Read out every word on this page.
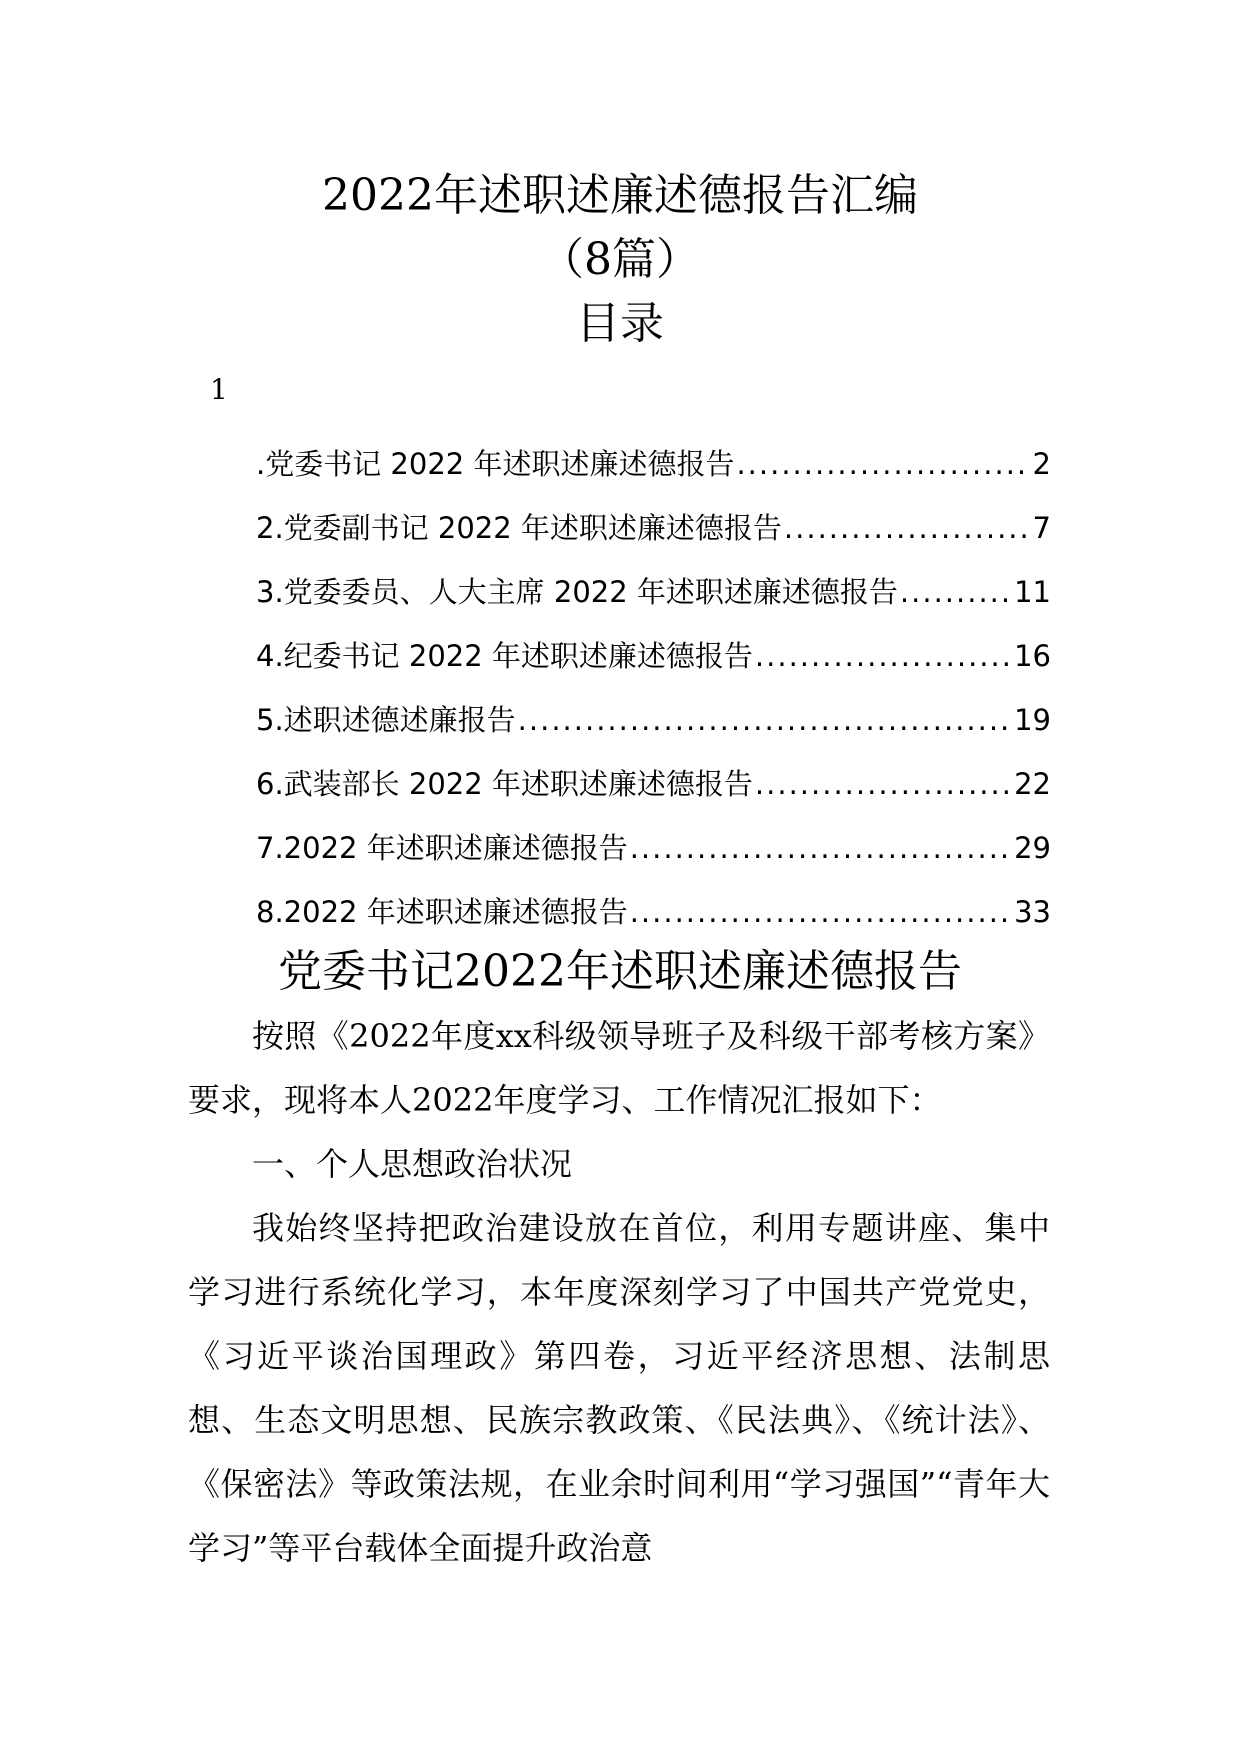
2022年述职述廉述德报告汇编
（8篇）
目录
1
.党委书记 2022 年述职述廉述德报告 .....	2
2.党委副书记 2022 年述职述廉述德报告 .....	7
3.党委委员、人大主席 2022 年述职述廉述德报告 .....	11
4.纪委书记 2022 年述职述廉述德报告 .....	16
5.述职述德述廉报告 .....	19
6.武装部长 2022 年述职述廉述德报告 .....	22
7.2022 年述职述廉述德报告 .....	29
8.2022 年述职述廉述德报告 .....	33
党委书记2022年述职述廉述德报告

按照《2022年度xx科级领导班子及科级干部考核方案》要求，现将本人2022年度学习、工作情况汇报如下：

一、个人思想政治状况

我始终坚持把政治建设放在首位，利用专题讲座、集中学习进行系统化学习，本年度深刻学习了中国共产党党史，《习近平谈治国理政》第四卷，习近平经济思想、法制思想、生态文明思想、民族宗教政策、《民法典》、《统计法》、《保密法》等政策法规，在业余时间利用“学习强国”“青年大学习”等平台载体全面提升政治意
